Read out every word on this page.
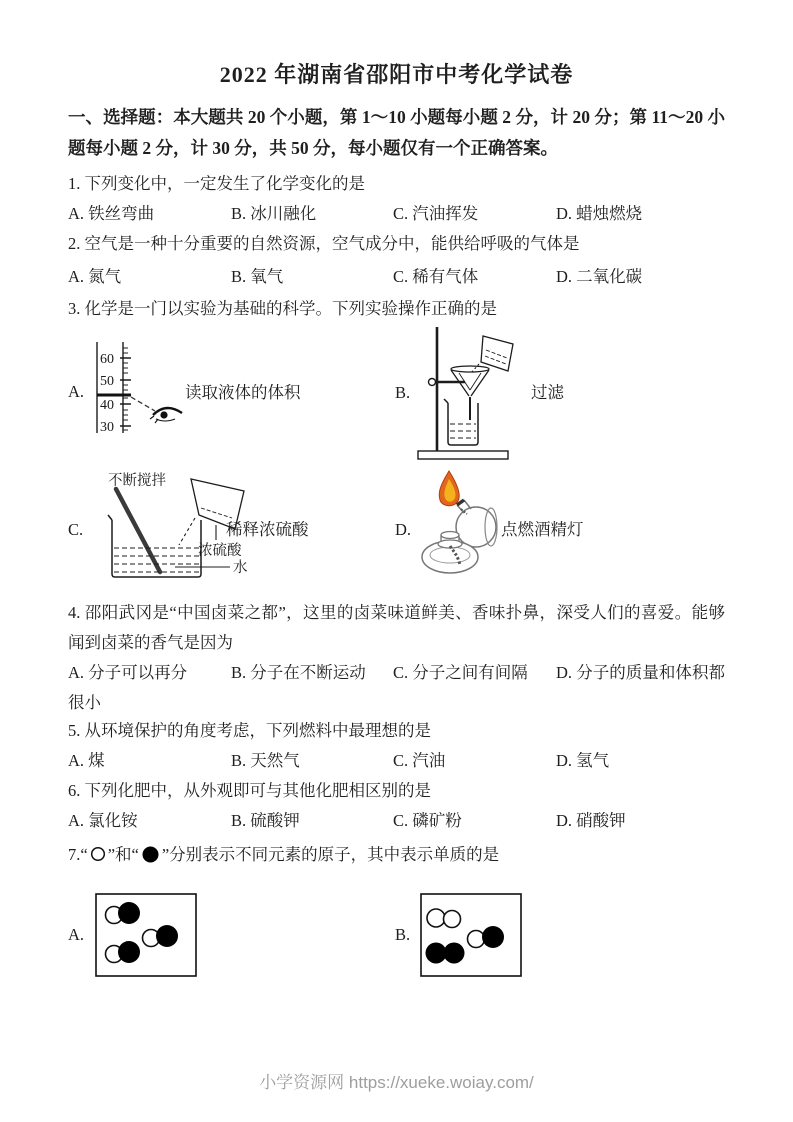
2022 年湖南省邵阳市中考化学试卷
一、选择题：本大题共 20 个小题，第 1～10 小题每小题 2 分，计 20 分；第 11～20 小题每小题 2 分，计 30 分，共 50 分，每小题仅有一个正确答案。
1. 下列变化中，一定发生了化学变化的是
A. 铁丝弯曲	B. 冰川融化	C. 汽油挥发	D. 蜡烛燃烧
2. 空气是一种十分重要的自然资源，空气成分中，能供给呼吸的气体是
A. 氮气	B. 氧气	C. 稀有气体	D. 二氧化碳
3. 化学是一门以实验为基础的科学。下列实验操作正确的是
A.
60
50
40
30
读取液体的体积	B.	过滤
C.
不断搅拌
水
浓硫酸
稀释浓硫酸	D.	点燃酒精灯
4. 邵阳武冈是“中国卤菜之都”，这里的卤菜味道鲜美、香味扑鼻，深受人们的喜爱。能够闻到卤菜的香气是因为
A. 分子可以再分	B. 分子在不断运动 C. 分子之间有间隔 D. 分子的质量和体积都很小
5. 从环境保护的角度考虑，下列燃料中最理想的是
A. 煤	B. 天然气	C. 汽油	D. 氢气
6. 下列化肥中，从外观即可与其他化肥相区别的是
A. 氯化铵	B. 硫酸钾	C. 磷矿粉	D. 硝酸钾
7.“ ”和“ ”分别表示不同元素的原子，其中表示单质的是
A.	B.
小学资源网 https://xueke.woiay.com/
